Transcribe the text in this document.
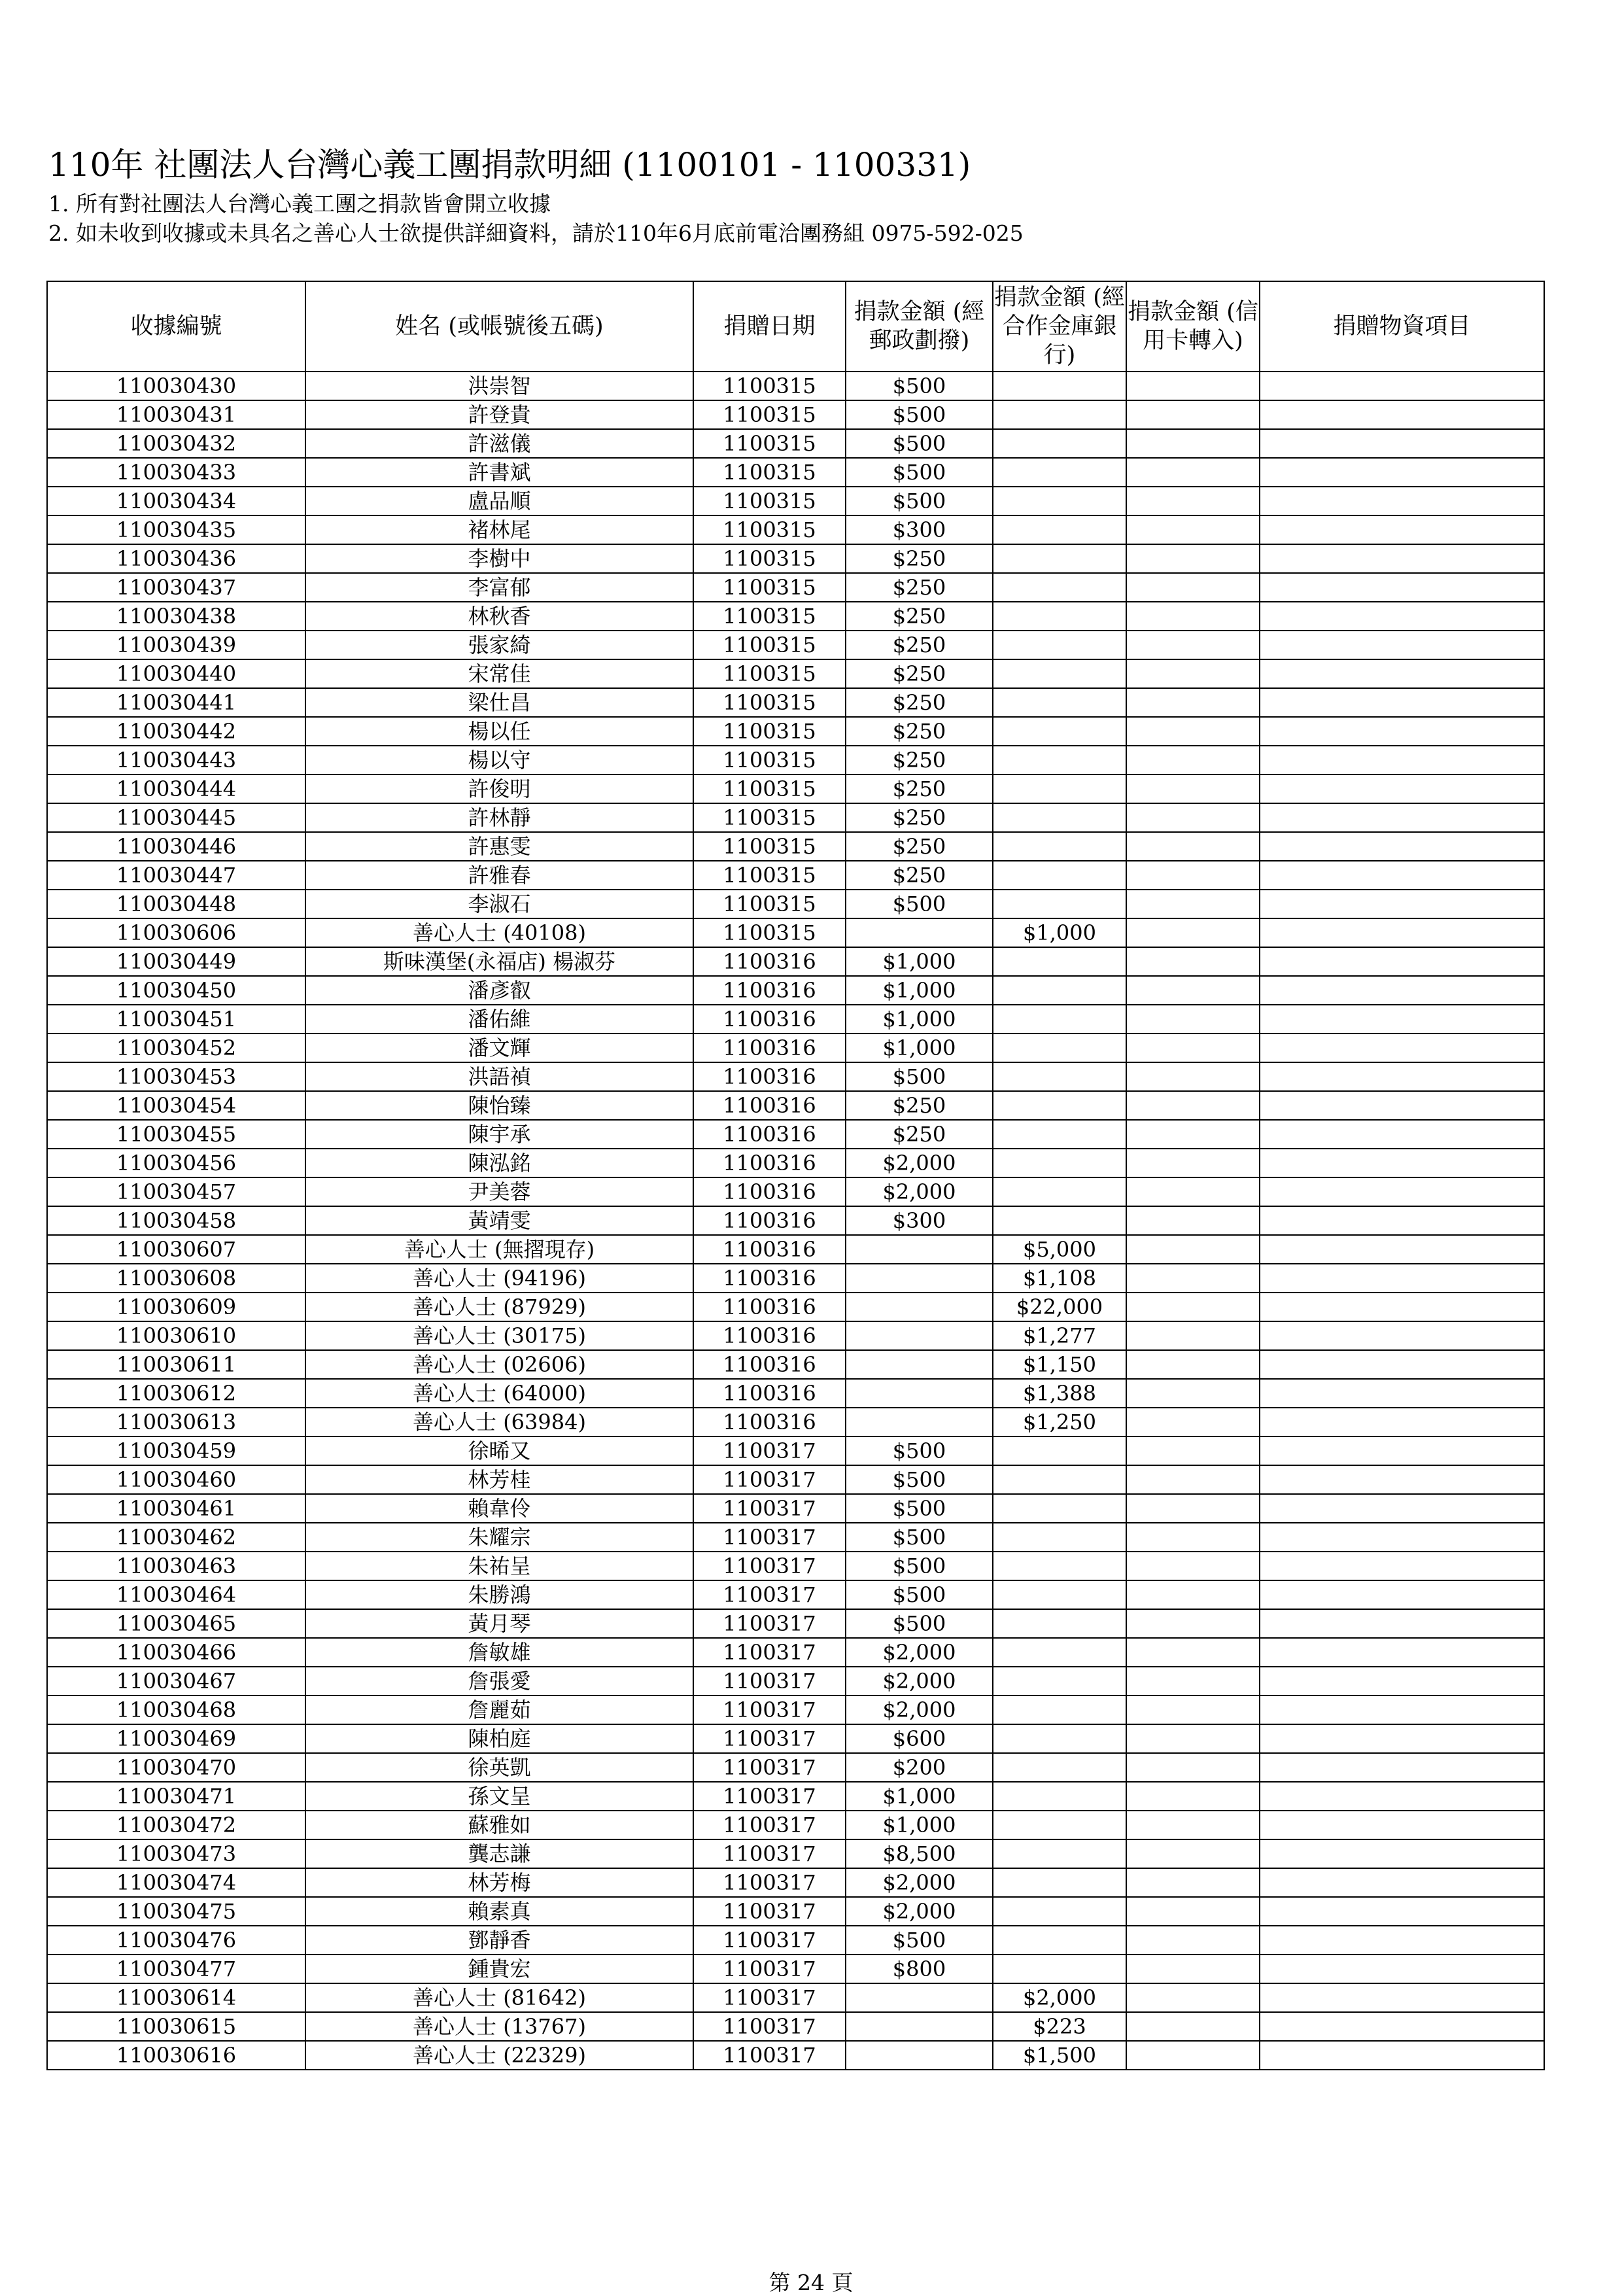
110年 社團法人台灣心義工團捐款明細 (1100101 - 1100331)
1. 所有對社團法人台灣心義工團之捐款皆會開立收據
2. 如未收到收據或未具名之善心人士欲提供詳細資料，請於110年6月底前電洽團務組 0975-592-025
收據編號	姓名 (或帳號後五碼)	捐贈日期	捐款金額 (經郵政劃撥)	捐款金額 (經合作金庫銀行)	捐款金額 (信用卡轉入)	捐贈物資項目
110030430	洪崇智	1100315	$500			
110030431	許登貴	1100315	$500			
110030432	許滋儀	1100315	$500			
110030433	許書斌	1100315	$500			
110030434	盧品順	1100315	$500			
110030435	褚林尾	1100315	$300			
110030436	李樹中	1100315	$250			
110030437	李富郁	1100315	$250			
110030438	林秋香	1100315	$250			
110030439	張家綺	1100315	$250			
110030440	宋常佳	1100315	$250			
110030441	梁仕昌	1100315	$250			
110030442	楊以任	1100315	$250			
110030443	楊以守	1100315	$250			
110030444	許俊明	1100315	$250			
110030445	許林靜	1100315	$250			
110030446	許惠雯	1100315	$250			
110030447	許雅春	1100315	$250			
110030448	李淑石	1100315	$500			
110030606	善心人士 (40108)	1100315		$1,000		
110030449	斯味漢堡(永福店) 楊淑芬	1100316	$1,000			
110030450	潘彥叡	1100316	$1,000			
110030451	潘佑維	1100316	$1,000			
110030452	潘文輝	1100316	$1,000			
110030453	洪語禎	1100316	$500			
110030454	陳怡臻	1100316	$250			
110030455	陳宇承	1100316	$250			
110030456	陳泓銘	1100316	$2,000			
110030457	尹美蓉	1100316	$2,000			
110030458	黃靖雯	1100316	$300			
110030607	善心人士 (無摺現存)	1100316		$5,000		
110030608	善心人士 (94196)	1100316		$1,108		
110030609	善心人士 (87929)	1100316		$22,000		
110030610	善心人士 (30175)	1100316		$1,277		
110030611	善心人士 (02606)	1100316		$1,150		
110030612	善心人士 (64000)	1100316		$1,388		
110030613	善心人士 (63984)	1100316		$1,250		
110030459	徐晞又	1100317	$500			
110030460	林芳桂	1100317	$500			
110030461	賴韋伶	1100317	$500			
110030462	朱耀宗	1100317	$500			
110030463	朱祐呈	1100317	$500			
110030464	朱勝鴻	1100317	$500			
110030465	黃月琴	1100317	$500			
110030466	詹敏雄	1100317	$2,000			
110030467	詹張愛	1100317	$2,000			
110030468	詹麗茹	1100317	$2,000			
110030469	陳柏庭	1100317	$600			
110030470	徐英凱	1100317	$200			
110030471	孫文呈	1100317	$1,000			
110030472	蘇雅如	1100317	$1,000			
110030473	龔志謙	1100317	$8,500			
110030474	林芳梅	1100317	$2,000			
110030475	賴素真	1100317	$2,000			
110030476	鄧靜香	1100317	$500			
110030477	鍾貴宏	1100317	$800			
110030614	善心人士 (81642)	1100317		$2,000		
110030615	善心人士 (13767)	1100317		$223		
110030616	善心人士 (22329)	1100317		$1,500		
第 24 頁
